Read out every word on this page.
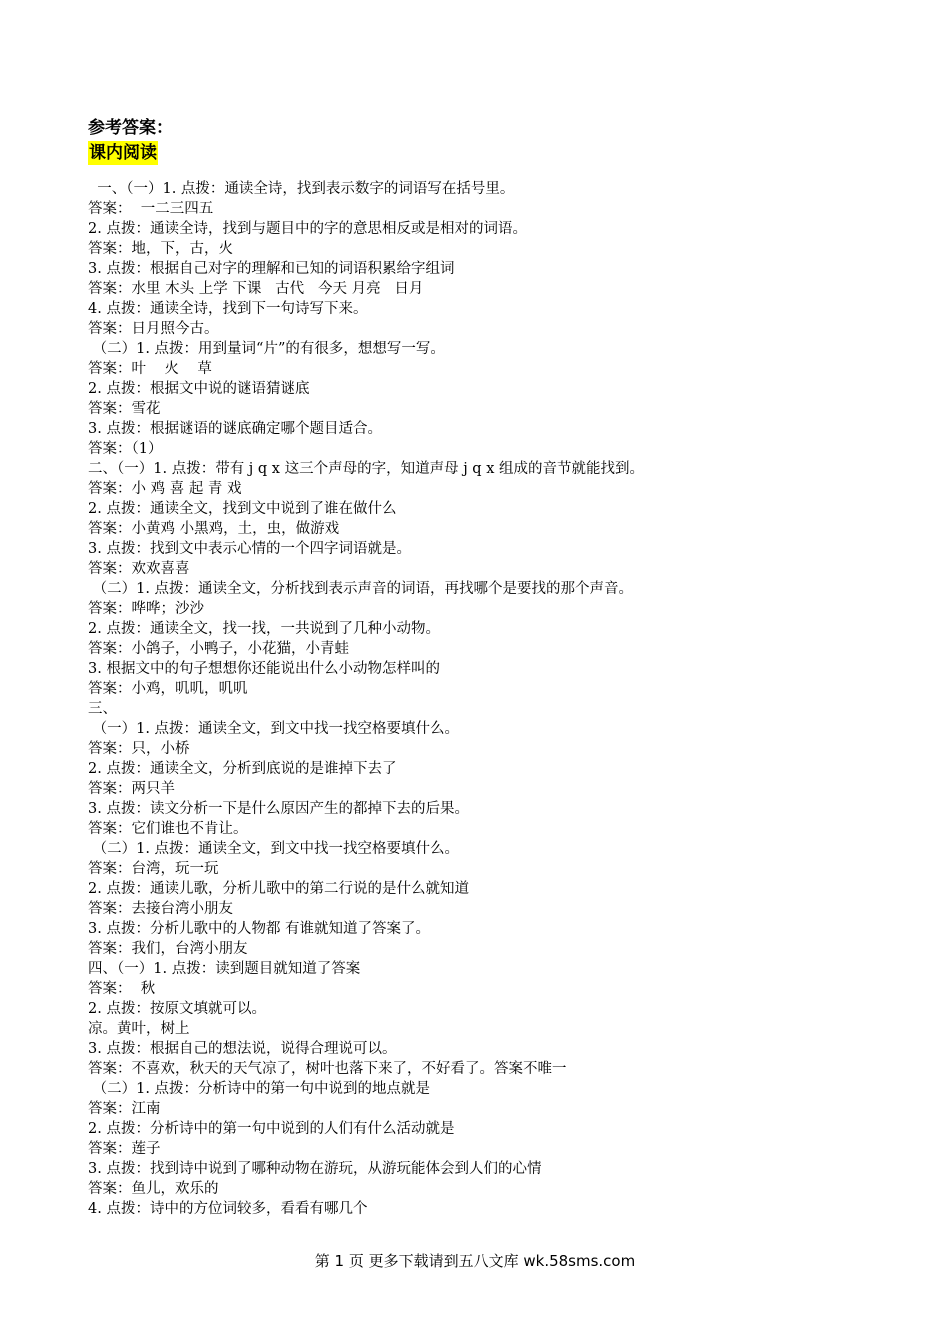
参考答案：
课内阅读
一、（一）1. 点拨：通读全诗，找到表示数字的词语写在括号里。
答案：  一二三四五
2. 点拨：通读全诗，找到与题目中的字的意思相反或是相对的词语。
答案：地，下，古，火
3. 点拨：根据自己对字的理解和已知的词语积累给字组词
答案：水里 木头 上学 下课   古代   今天 月亮   日月
4. 点拨：通读全诗，找到下一句诗写下来。
答案：日月照今古。
（二）1. 点拨：用到量词“片”的有很多，想想写一写。
答案：叶    火    草
2. 点拨：根据文中说的谜语猜谜底
答案：雪花
3. 点拨：根据谜语的谜底确定哪个题目适合。
答案：（1）
二、（一）1. 点拨：带有 j q x 这三个声母的字，知道声母 j q x 组成的音节就能找到。
答案：小 鸡 喜 起 青 戏
2. 点拨：通读全文，找到文中说到了谁在做什么
答案：小黄鸡 小黑鸡，土，虫，做游戏
3. 点拨：找到文中表示心情的一个四字词语就是。
答案：欢欢喜喜
（二）1. 点拨：通读全文，分析找到表示声音的词语，再找哪个是要找的那个声音。
答案：哗哗；沙沙
2. 点拨：通读全文，找一找，一共说到了几种小动物。
答案：小鸽子，小鸭子，小花猫，小青蛙
3. 根据文中的句子想想你还能说出什么小动物怎样叫的
答案：小鸡，叽叽，叽叽
三、
（一）1. 点拨：通读全文，到文中找一找空格要填什么。
答案：只，小桥
2. 点拨：通读全文，分析到底说的是谁掉下去了
答案：两只羊
3. 点拨：读文分析一下是什么原因产生的都掉下去的后果。
答案：它们谁也不肯让。
（二）1. 点拨：通读全文，到文中找一找空格要填什么。
答案：台湾，玩一玩
2. 点拨：通读儿歌，分析儿歌中的第二行说的是什么就知道
答案：去接台湾小朋友
3. 点拨：分析儿歌中的人物都 有谁就知道了答案了。
答案：我们，台湾小朋友
四、（一）1. 点拨：读到题目就知道了答案
答案：  秋
2. 点拨：按原文填就可以。
凉。黄叶，树上
3. 点拨：根据自己的想法说，说得合理说可以。
答案：不喜欢，秋天的天气凉了，树叶也落下来了，不好看了。答案不唯一
（二）1. 点拨：分析诗中的第一句中说到的地点就是
答案：江南
2. 点拨：分析诗中的第一句中说到的人们有什么活动就是
答案：莲子
3. 点拨：找到诗中说到了哪种动物在游玩，从游玩能体会到人们的心情
答案：鱼儿，欢乐的
4. 点拨：诗中的方位词较多，看看有哪几个
第 1 页 更多下载请到五八文库 wk.58sms.com
